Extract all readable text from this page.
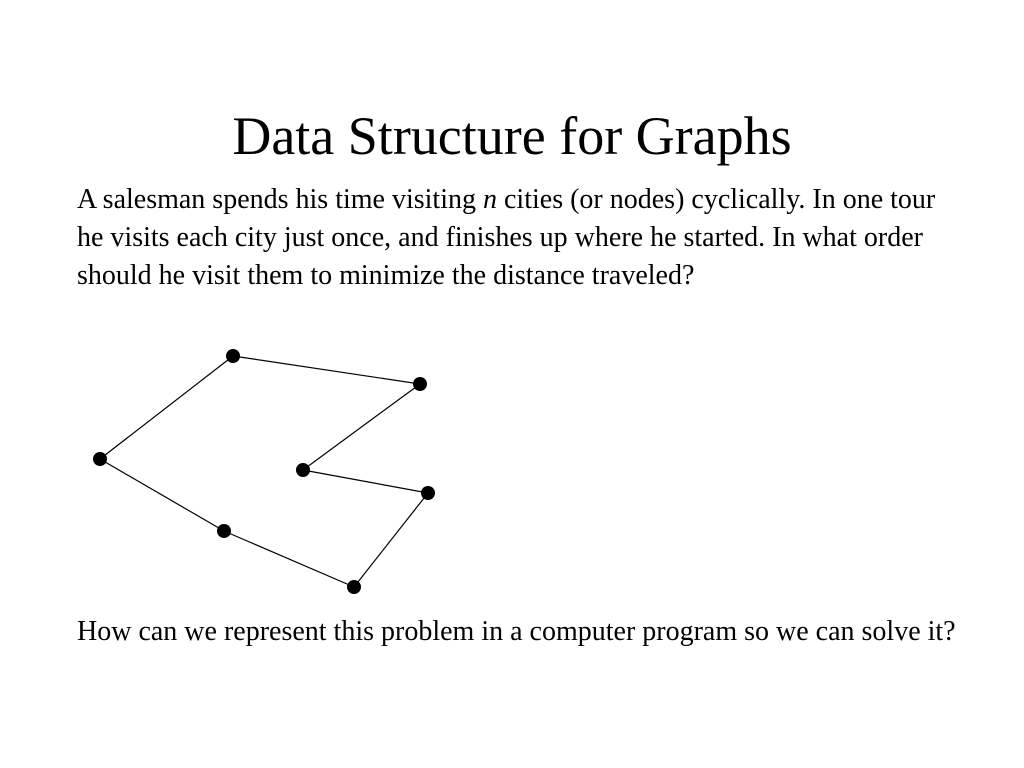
Data Structure for Graphs

A salesman spends his time visiting n cities (or nodes) cyclically. In one tour he visits each city just once, and finishes up where he started. In what order should he visit them to minimize the distance traveled?

How can we represent this problem in a computer program so we can solve it?
